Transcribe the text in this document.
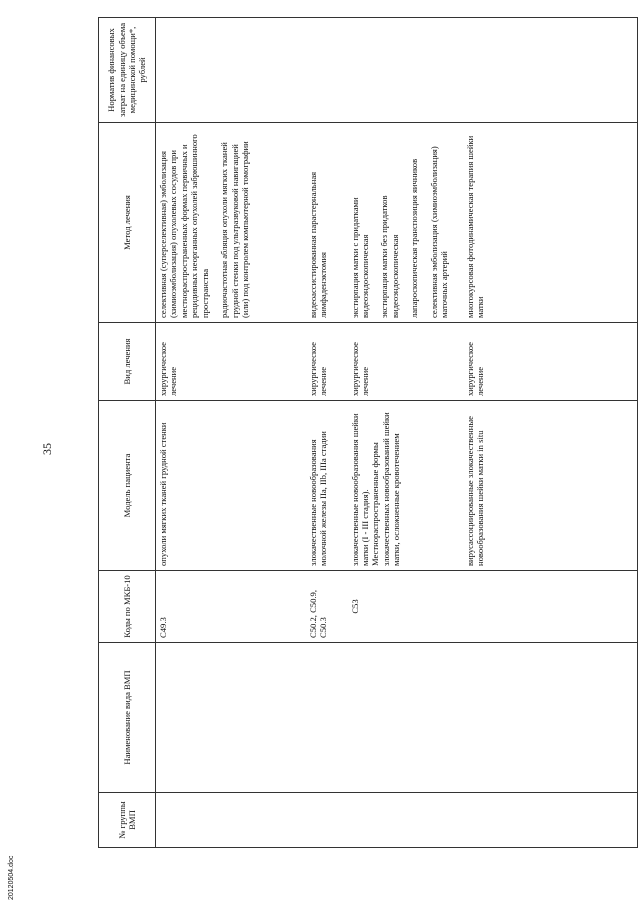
35
№ группы ВМП	Наименование вида ВМП	Коды по МКБ-10	Модель пациента	Вид лечения	Метод лечения	Норматив финансовых затрат на единицу объема медицинской помощи*, рублей
		C49.3	опухоли мягких тканей грудной стенки	хирургическое лечение	селективная (суперселективная) эмболизация (химиоэмболизация) опухолевых сосудов при местнораспространенных формах первичных и рецидивных неорганных опухолей забрюшинного пространства радиочастотная абляция опухоли мягких тканей грудной стенки под ультразвуковой навигацией (или) под контролем компьютерной томографии	

		C50.2, C50.9, C50.3	злокачественные новообразования молочной железы IIa, IIb, IIIa стадии	хирургическое лечение	видеоассистированная парастернальная лимфаденэктомия	

		C53	злокачественные новообразования шейки матки (I - III стадия). Местнораспространенные формы злокачественных новообразований шейки матки, осложненные кровотечением	хирургическое лечение	экстирпация матки с придатками видеоэндоскопическая экстирпация матки без придатков видеоэндоскопическая лапароскопическая транспозиция яичников селективная эмболизация (химиоэмболизация) маточных артерий	

			вирусассоциированные злокачественные новообразования шейки матки in situ	хирургическое лечение	многокурсовая фотодинамическая терапия шейки матки	

20120504.doc
